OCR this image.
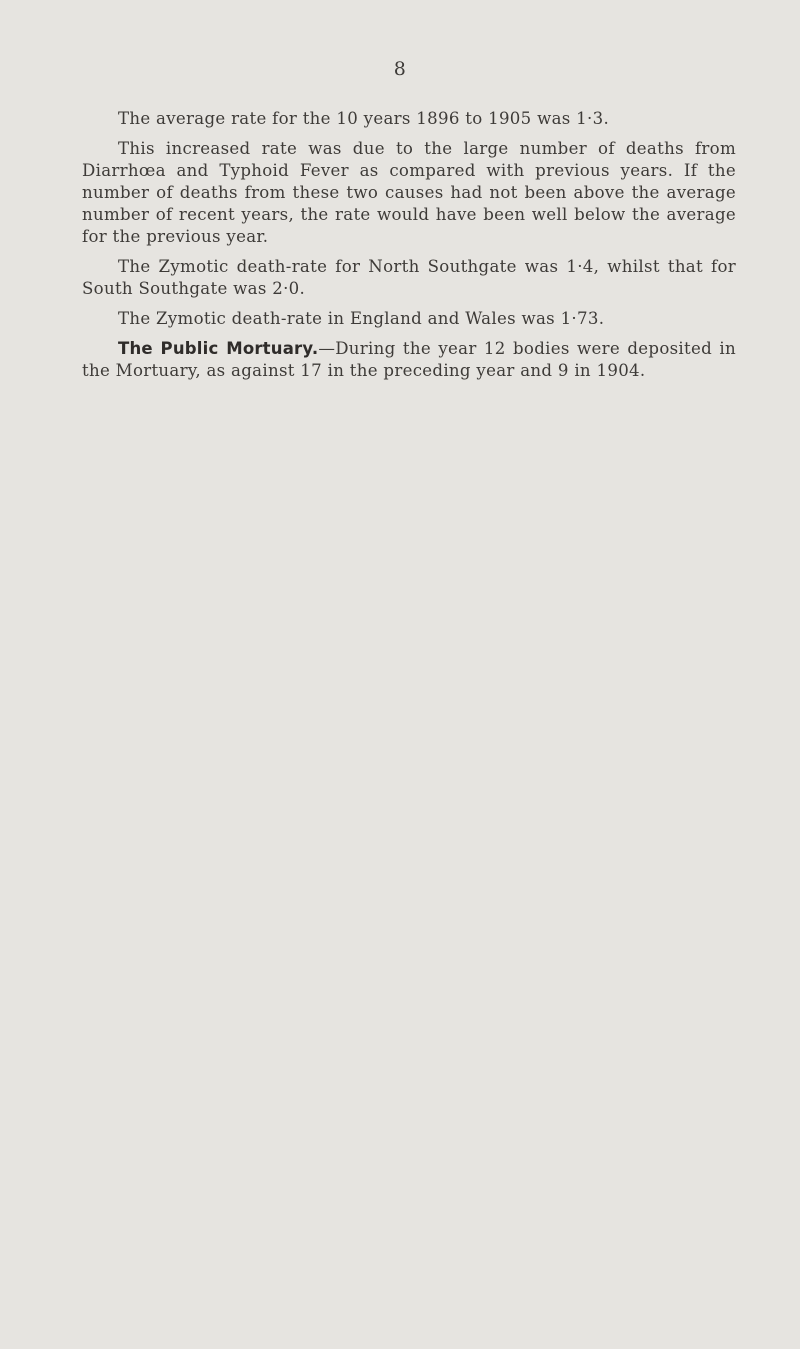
8

The average rate for the 10 years 1896 to 1905 was 1·3.

This increased rate was due to the large number of deaths from Diarrhœa and Typhoid Fever as compared with previous years. If the number of deaths from these two causes had not been above the average number of recent years, the rate would have been well below the average for the previous year.

The Zymotic death-rate for North Southgate was 1·4, whilst that for South Southgate was 2·0.

The Zymotic death-rate in England and Wales was 1·73.

The Public Mortuary.—During the year 12 bodies were deposited in the Mortuary, as against 17 in the preceding year and 9 in 1904.
